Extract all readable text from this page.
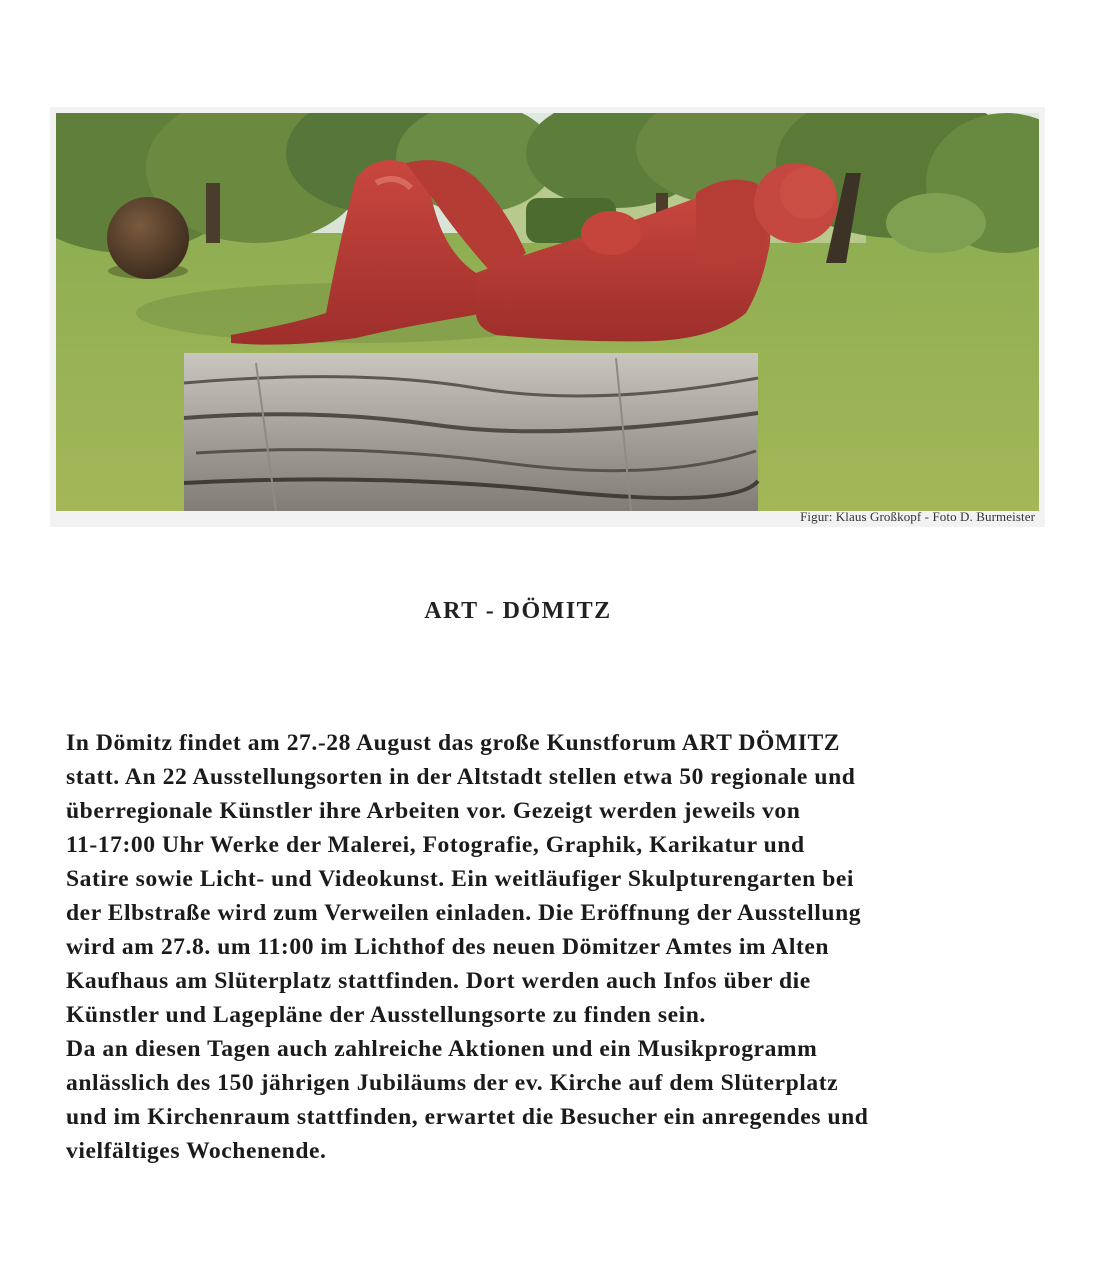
Figur: Klaus Großkopf - Foto D. Burmeister
ART - DÖMITZ

In Dömitz findet am 27.-28 August das große Kunstforum ART DÖMITZ

statt. An 22 Ausstellungsorten in der Altstadt stellen etwa 50 regionale und

überregionale Künstler ihre Arbeiten vor. Gezeigt werden jeweils von

11-17:00 Uhr Werke der Malerei, Fotografie, Graphik, Karikatur und

Satire sowie Licht- und Videokunst. Ein weitläufiger Skulpturengarten bei

der Elbstraße wird zum Verweilen einladen. Die Eröffnung der Ausstellung

wird am 27.8. um 11:00 im Lichthof des neuen Dömitzer Amtes im Alten

Kaufhaus am Slüterplatz stattfinden. Dort werden auch Infos über die

Künstler und Lagepläne der Ausstellungsorte zu finden sein.

Da an diesen Tagen auch zahlreiche Aktionen und ein Musikprogramm

anlässlich des 150 jährigen Jubiläums der ev. Kirche auf dem Slüterplatz

und im Kirchenraum stattfinden, erwartet die Besucher ein anregendes und

vielfältiges Wochenende.
